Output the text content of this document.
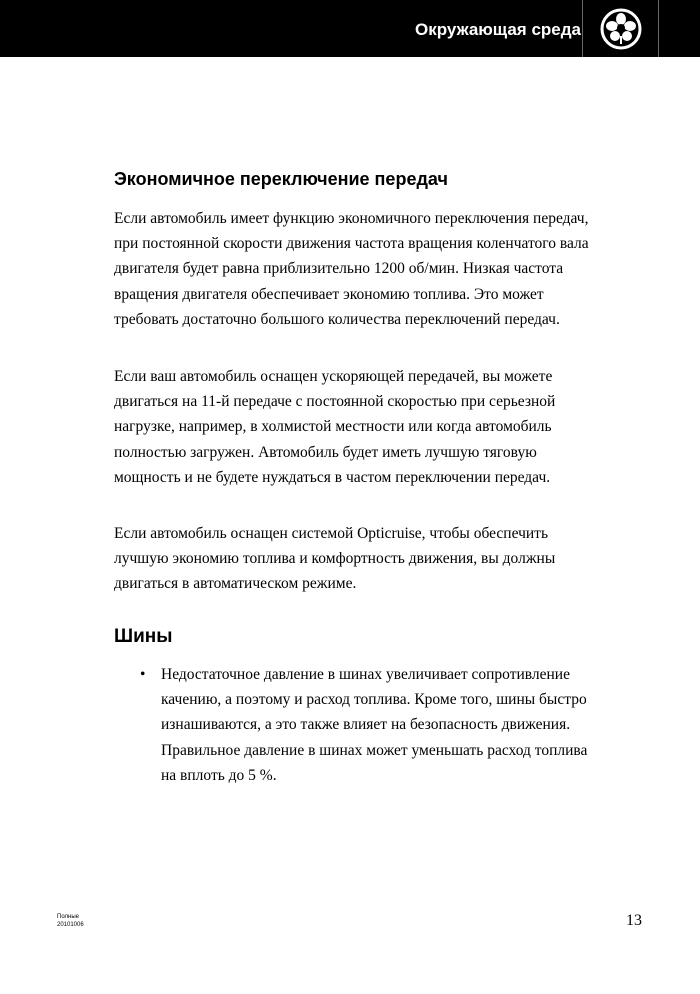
Окружающая среда
Экономичное переключение передач

Если автомобиль имеет функцию экономичного переключения передач, при постоянной скорости движения частота вращения коленчатого вала двигателя будет равна приблизительно 1200 об/мин. Низкая частота вращения двигателя обеспечивает экономию топлива. Это может требовать достаточно большого количества переключений передач.

Если ваш автомобиль оснащен ускоряющей передачей, вы можете двигаться на 11-й передаче с постоянной скоростью при серьезной нагрузке, например, в холмистой местности или когда автомобиль полностью загружен. Автомобиль будет иметь лучшую тяговую мощность и не будете нуждаться в частом переключении передач.

Если автомобиль оснащен системой Opticruise, чтобы обеспечить лучшую экономию топлива и комфортность движения, вы должны двигаться в автоматическом режиме.

Шины
• Недостаточное давление в шинах увеличивает сопротивление качению, а поэтому и расход топлива. Кроме того, шины быстро изнашиваются, а это также влияет на безопасность движения. Правильное давление в шинах может уменьшать расход топлива на вплоть до 5 %.

Полные
20101006	13
